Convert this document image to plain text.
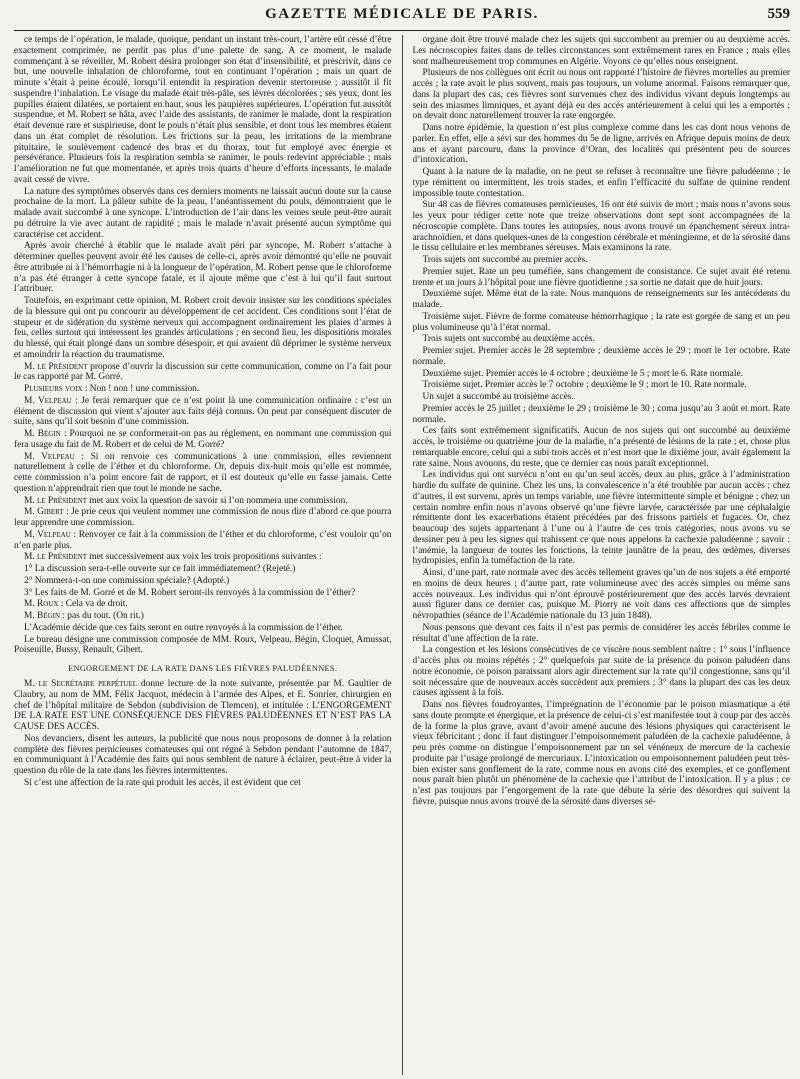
GAZETTE MÉDICALE DE PARIS.	559

ce temps de l’opération, le malade, quoique, pendant un instant très-court, l’artère eût cessé d’être exactement comprimée, ne perdit pas plus d’une palette de sang. A ce moment, le malade commençant à se réveiller, M. Robert désira prolonger son état d’insensibilité, et prescrivit, dans ce but, une nouvelle inhalation de chloroforme, tout en continuant l’opération ; mais un quart de minute s’était à peine écoulé, lorsqu’il entendit la respiration devenir stertoreuse ; aussitôt il fit suspendre l’inhalation. Le visage du malade était très-pâle, ses lèvres décolorées ; ses yeux, dont les pupilles étaient dilatées, se portaient en haut, sous les paupières supérieures. L’opération fut aussitôt suspendue, et M. Robert se hâta, avec l’aide des assistants, de ranimer le malade, dont la respiration était devenue rare et suspirieuse, dont le pouls n’était plus sensible, et dont tous les membres étaient dans un état complet de résolution. Les frictions sur la peau, les irritations de la membrane pituitaire, le soulèvement cadencé des bras et du thorax, tout fut employé avec énergie et persévérance. Plusieurs fois la respiration sembla se ranimer, le pouls redevint appréciable ; mais l’amélioration ne fut que momentanée, et après trois quarts d’heure d’efforts incessants, le malade avait cessé de vivre.

La nature des symptômes observés dans ces derniers moments ne laissait aucun doute sur la cause prochaine de la mort. La pâleur subite de la peau, l’anéantissement du pouls, démontraient que le malade avait succombé à une syncope. L’introduction de l’air dans les veines seule peut-être aurait pu détruire la vie avec autant de rapidité ; mais le malade n’avait présenté aucun symptôme qui caractérise cet accident.

Après avoir cherché à établir que le malade avait péri par syncope, M. Robert s’attache à déterminer quelles peuvent avoir été les causes de celle-ci, après avoir démontré qu’elle ne pouvait être attribuée ni à l’hémorrhagie ni à la longueur de l’opération, M. Robert pense que le chloroforme n’a pas été étranger à cette syncope fatale, et il ajoute même que c’est à lui qu’il faut surtout l’attribuer.

Toutefois, en exprimant cette opinion, M. Robert croit devoir insister sur les conditions spéciales de la blessure qui ont pu concourir au développement de cet accident. Ces conditions sont l’état de stupeur et de sidération du système nerveux qui accompagnent ordinairement les plaies d’armes à feu, celles surtout qui intéressent les grandes articulations ; en second lieu, les dispositions morales du blessé, qui était plongé dans un sombre désespoir, et qui avaient dû déprimer le système nerveux et amoindrir la réaction du traumatisme.

M. le Président propose d’ouvrir la discussion sur cette communication, comme on l’a fait pour le cas rapporté par M. Gorré.

Plusieurs voix : Non ! non ! une commission.

M. Velpeau : Je ferai remarquer que ce n’est point là une communication ordinaire : c’est un élément de discussion qui vient s’ajouter aux faits déjà connus. On peut par conséquent discuter de suite, sans qu’il soit besoin d’une commission.

M. Bégin : Pourquoi ne se conformerait-on pas au règlement, en nommant une commission qui fera usage du fait de M. Robert et de celui de M. Gorré?

M. Velpeau : Si on renvoie ces communications à une commission, elles reviennent naturellement à celle de l’éther et du chloroforme. Or, depuis dix-huit mois qu’elle est nommée, cette commission n’a point encore fait de rapport, et il est douteux qu’elle en fasse jamais. Cette question n’apprendrait rien que tout le monde ne sache.

M. le Président met aux voix la question de savoir si l’on nommera une commission.

M. Gibert : Je prie ceux qui veulent nommer une commission de nous dire d’abord ce que pourra leur apprendre une commission.

M. Velpeau : Renvoyer ce fait à la commission de l’éther et du chloroforme, c’est vouloir qu’on n’en parle plus.

M. le Président met successivement aux voix les trois propositions suivantes :

1° La discussion sera-t-elle ouverte sur ce fait immédiatement? (Rejeté.)

2° Nommera-t-on une commission spéciale? (Adopté.)

3° Les faits de M. Gorré et de M. Robert seront-ils renvoyés à la commission de l’éther?

M. Roux : Cela va de droit.

M. Bégin : pas du tout. (On rit.)

L’Académie décide que ces faits seront en outre renvoyés à la commission de l’éther.

Le bureau désigne une commission composée de MM. Roux, Velpeau, Bégin, Cloquet, Amussat, Poiseuille, Bussy, Renault, Gibert.

ENGORGEMENT DE LA RATE DANS LES FIÈVRES PALUDÉENNES.

M. le Secrétaire perpétuel donne lecture de la note suivante, présentée par M. Gaultier de Claubry, au nom de MM. Félix Jacquot, médecin à l’armée des Alpes, et E. Sonrier, chirurgien en chef de l’hôpital militaire de Sebdon (subdivision de Tlemcen), et intitulée : L’ENGORGEMENT DE LA RATE EST UNE CONSÉQUENCE DES FIÈVRES PALUDÉENNES ET N’EST PAS LA CAUSE DES ACCÈS.

Nos devanciers, disent les auteurs, la publicité que nous nous proposons de donner à la relation complète des fièvres pernicieuses comateuses qui ont régné à Sebdon pendant l’automne de 1847, en communiquant à l’Académie des faits qui nous semblent de nature à éclairer, peut-être à vider la question du rôle de la rate dans les fièvres intermittentes.

Si c’est une affection de la rate qui produit les accès, il est évident que cet

organe doit être trouvé malade chez les sujets qui succombent au premier ou au deuxième accès. Les nécroscopies faites dans de telles circonstances sont extrêmement rares en France ; mais elles sont malheureusement trop communes en Algérie. Voyons ce qu’elles nous enseignent.

Plusieurs de nos collègues ont écrit ou nous ont rapporté l’histoire de fièvres mortelles au premier accès ; la rate avait le plus souvent, mais pas toujours, un volume anormal. Faisons remarquer que, dans la plupart des cas, ces fièvres sont survenues chez des individus vivant depuis longtemps au sein des miasmes limniques, et ayant déjà eu des accès antérieurement à celui qui les a emportés ; on devait donc naturellement trouver la rate engorgée.

Dans notre épidémie, la question n’est plus complexe comme dans les cas dont nous venons de parler. En effet, elle a sévi sur des hommes du 5e de ligne, arrivés en Afrique depuis moins de deux ans et ayant parcouru, dans la province d’Oran, des localités qui présentent peu de sources d’intoxication.

Quant à la nature de la maladie, on ne peut se refuser à reconnaître une fièvre paludéenne ; le type rémittent ou intermittent, les trois stades, et enfin l’efficacité du sulfate de quinine rendent impossible toute contestation.

Sur 48 cas de fièvres comateuses pernicieuses, 16 ont été suivis de mort ; mais nous n’avons sous les yeux pour rédiger cette note que treize observations dont sept sont accompagnées de la nécroscopie complète. Dans toutes les autopsies, nous avons trouvé un épanchement séreux intra-arachnoïdien, et dans quelques-unes de la congestion cérébrale et méningienne, et de la sérosité dans le tissu cellulaire et les membranes séreuses. Mais examinons la rate.

Trois sujets ont succombé au premier accès.

Premier sujet. Rate un peu tuméfiée, sans changement de consistance. Ce sujet avait été retenu trente et un jours à l’hôpital pour une fièvre quotidienne ; sa sortie ne datait que de huit jours.

Deuxième sujet. Même état de la rate. Nous manquons de renseignements sur les antécédents du malade.

Troisième sujet. Fièvre de forme comateuse hémorrhagique ; la rate est gorgée de sang et un peu plus volumineuse qu’à l’état normal.

Trois sujets ont succombé au deuxième accès.

Premier sujet. Premier accès le 28 septembre ; deuxième accès le 29 ; mort le 1er octobre. Rate normale.

Deuxième sujet. Premier accès le 4 octobre ; deuxième le 5 ; mort le 6. Rate normale.

Troisième sujet. Premier accès le 7 octobre ; deuxième le 9 ; mort le 10. Rate normale.

Un sujet a succombé au troisième accès.

Premier accès le 25 juillet ; deuxième le 29 ; troisième le 30 ; coma jusqu’au 3 août et mort. Rate normale.

Ces faits sont extrêmement significatifs. Aucun de nos sujets qui ont succombé au deuxième accès, le troisième ou quatrième jour de la maladie, n’a présenté de lésions de la rate ; et, chose plus remarquable encore, celui qui a subi trois accès et n’est mort que le dixième jour, avait également la rate saine. Nous avouons, du reste, que ce dernier cas nous paraît exceptionnel.

Les individus qui ont survécu n’ont eu qu’un seul accès, deux au plus, grâce à l’administration hardie du sulfate de quinine. Chez les uns, la convalescence n’a été troublée par aucun accès ; chez d’autres, il est survenu, après un temps variable, une fièvre intermittente simple et bénigne ; chez un certain nombre enfin nous n’avons observé qu’une fièvre larvée, caractérisée par une céphalalgie rémittente dont les exacerbations étaient précédées par des frissons partiels et fugaces. Or, chez beaucoup des sujets appartenant à l’une ou à l’autre de ces trois catégories, nous avons vu se dessiner peu à peu les signes qui trahissent ce que nous appelons la cachexie paludéenne ; savoir : l’anémie, la langueur de toutes les fonctions, la teinte jaunâtre de la peau, des œdèmes, diverses hydropisies, enfin la tuméfaction de la rate.

Ainsi, d’une part, rate normale avec des accès tellement graves qu’un de nos sujets a été emporté en moins de deux heures ; d’autre part, rate volumineuse avec des accès simples ou même sans accès nouveaux. Les individus qui n’ont éprouvé postérieurement que des accès larvés devraient aussi figurer dans ce dernier cas, puisque M. Piorry ne voit dans ces affections que de simples névropathies (séance de l’Académie nationale du 13 juin 1848).

Nous pensons que devant ces faits il n’est pas permis de considérer les accès fébriles comme le résultat d’une affection de la rate.

La congestion et les lésions consécutives de ce viscère nous semblent naître : 1° sous l’influence d’accès plus ou moins répétés ; 2° quelquefois par suite de la présence du poison paludéen dans notre économie, ce poison paraissant alors agir directement sur la rate qu’il congestionne, sans qu’il soit nécessaire que de nouveaux accès succèdent aux premiers ; 3° dans la plupart des cas les deux causes agissent à la fois.

Dans nos fièvres foudroyantes, l’imprégnation de l’économie par le poison miasmatique a été sans doute prompte et énergique, et la présence de celui-ci s’est manifestée tout à coup par des accès de la forme la plus grave, avant d’avoir amené aucune des lésions physiques qui caractérisent le vieux fébricitant ; donc il faut distinguer l’empoisonnement paludéen de la cachexie paludéenne, à peu près comme on distingue l’empoisonnement par un sel vénéneux de mercure de la cachexie produite par l’usage prolongé de mercuriaux. L’intoxication ou empoisonnement paludéen peut très-bien exister sans gonflement de la rate, comme nous en avons cité des exemples, et ce gonflement nous paraît bien plutôt un phénomène de la cachexie que l’attribut de l’intoxication. Il y a plus : ce n’est pas toujours par l’engorgement de la rate que débute la série des désordres qui suivent la fièvre, puisque nous avons trouvé de la sérosité dans diverses sé-
